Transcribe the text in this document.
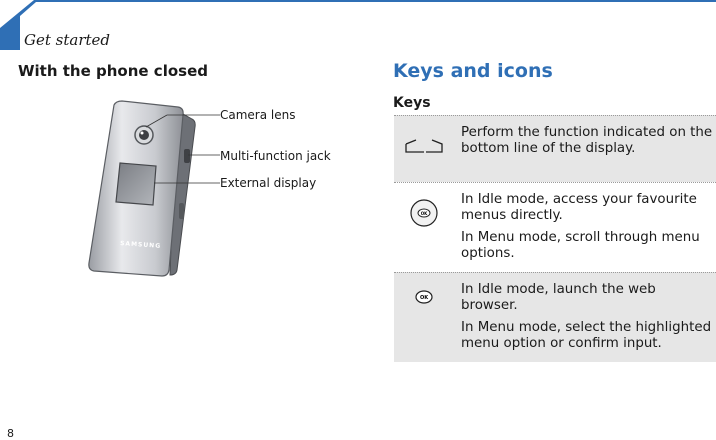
Get started
With the phone closed
SAMSUNG
Camera lens
Multi-function jack
External display
Keys and icons
Keys

Perform the function indicated on the bottom line of the display.

OK

In Idle mode, access your favourite menus directly.

In Menu mode, scroll through menu options.

OK

In Idle mode, launch the web browser.

In Menu mode, select the highlighted menu option or confirm input.

8
